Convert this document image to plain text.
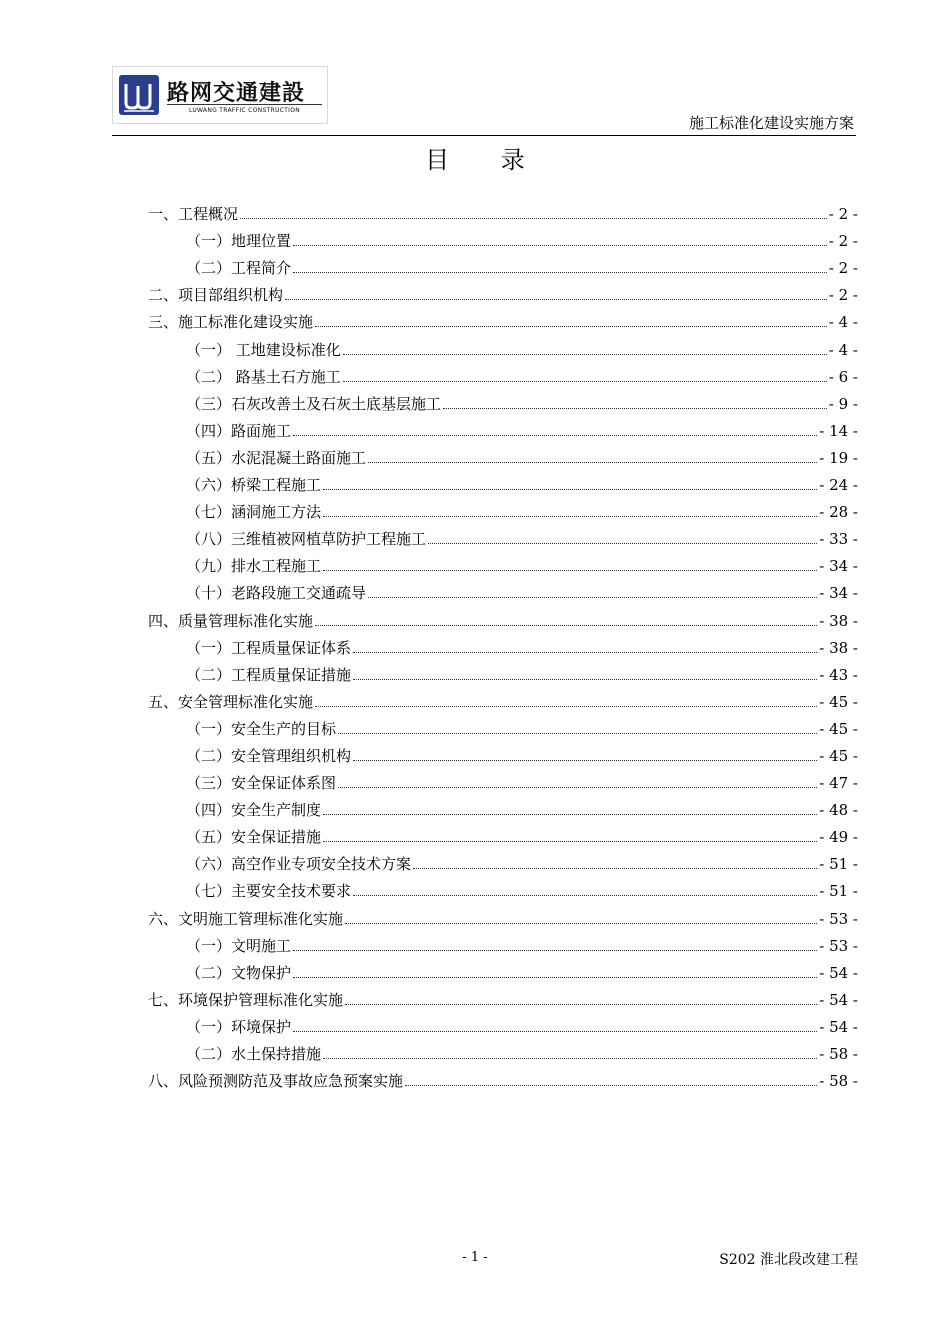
路网交通建設
LUWANG TRAFFIC CONSTRUCTION
施工标准化建设实施方案
目 录
一、工程概况	- 2 -
（一）地理位置	- 2 -
（二）工程简介	- 2 -
二、项目部组织机构	- 2 -
三、施工标准化建设实施	- 4 -
（一） 工地建设标准化	- 4 -
（二） 路基土石方施工	- 6 -
（三）石灰改善土及石灰土底基层施工	- 9 -
（四）路面施工	- 14 -
（五）水泥混凝土路面施工	- 19 -
（六）桥梁工程施工	- 24 -
（七）涵洞施工方法	- 28 -
（八）三维植被网植草防护工程施工	- 33 -
（九）排水工程施工	- 34 -
（十）老路段施工交通疏导	- 34 -
四、质量管理标准化实施	- 38 -
（一）工程质量保证体系	- 38 -
（二）工程质量保证措施	- 43 -
五、安全管理标准化实施	- 45 -
（一）安全生产的目标	- 45 -
（二）安全管理组织机构	- 45 -
（三）安全保证体系图	- 47 -
（四）安全生产制度	- 48 -
（五）安全保证措施	- 49 -
（六）高空作业专项安全技术方案	- 51 -
（七）主要安全技术要求	- 51 -
六、文明施工管理标准化实施	- 53 -
（一）文明施工	- 53 -
（二）文物保护	- 54 -
七、环境保护管理标准化实施	- 54 -
（一）环境保护	- 54 -
（二）水土保持措施	- 58 -
八、风险预测防范及事故应急预案实施	- 58 -
- 1 -	S202 淮北段改建工程
